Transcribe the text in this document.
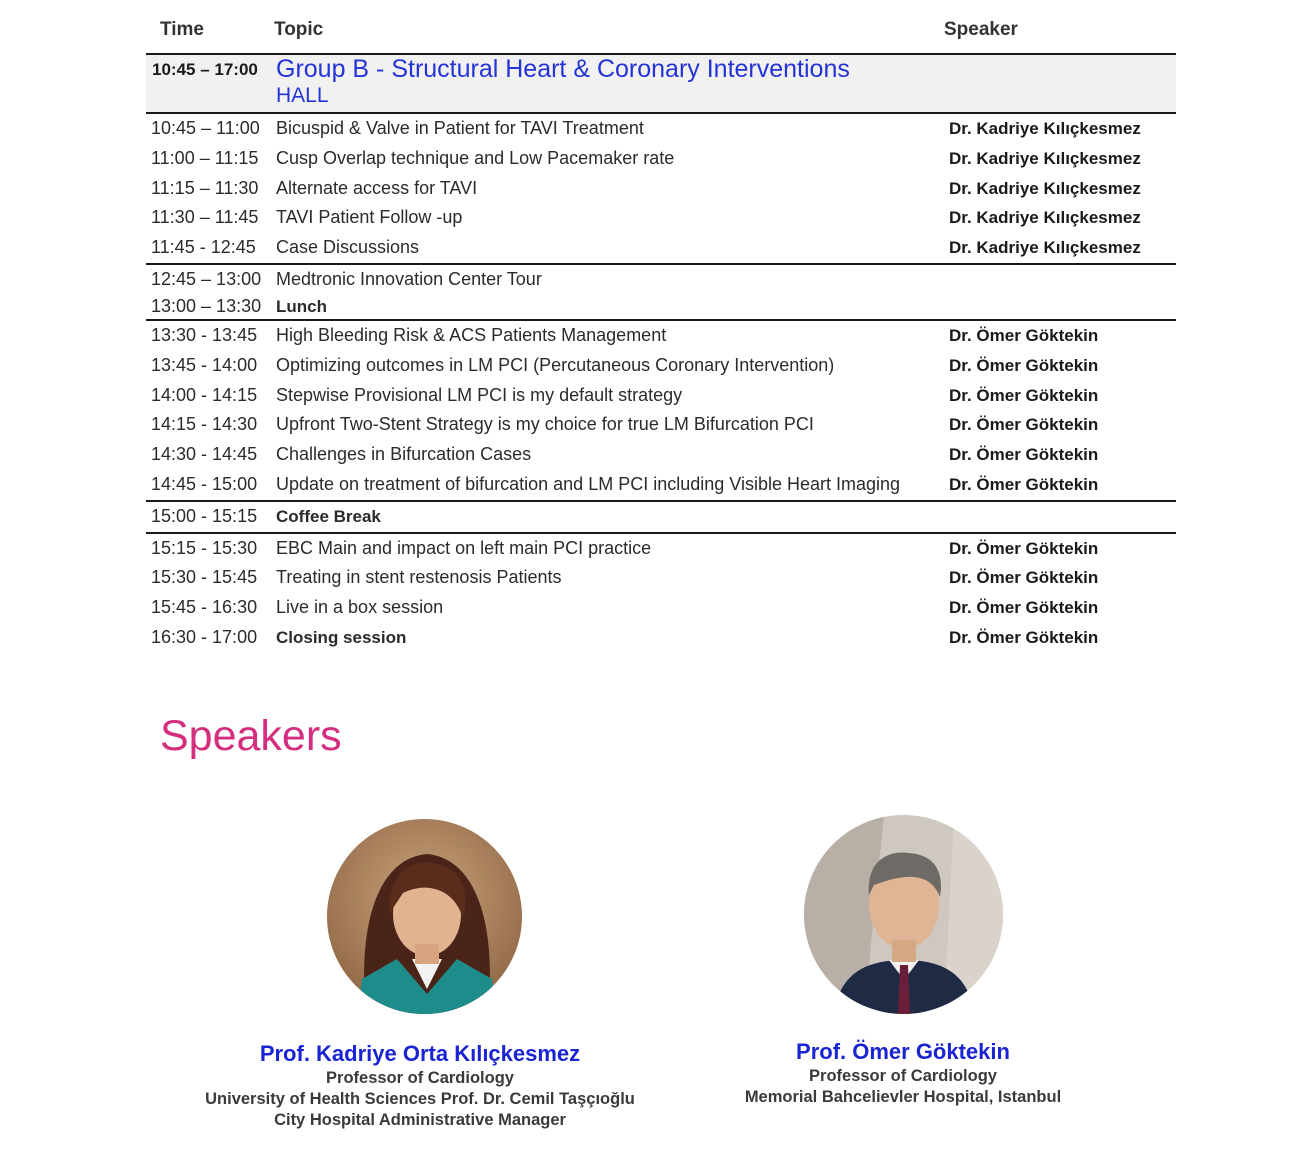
Time	Topic	Speaker
10:45 – 17:00 Group B - Structural Heart & Coronary Interventions
HALL
10:45 – 11:00 Bicuspid & Valve in Patient for TAVI Treatment	Dr. Kadriye Kılıçkesmez
11:00 – 11:15 Cusp Overlap technique and Low Pacemaker rate	Dr. Kadriye Kılıçkesmez
11:15 – 11:30 Alternate access for TAVI	Dr. Kadriye Kılıçkesmez
11:30 – 11:45 TAVI Patient Follow -up	Dr. Kadriye Kılıçkesmez
11:45 - 12:45 Case Discussions	Dr. Kadriye Kılıçkesmez
12:45 – 13:00 Medtronic Innovation Center Tour
13:00 – 13:30 Lunch
13:30 - 13:45 High Bleeding Risk & ACS Patients Management	Dr. Ömer Göktekin
13:45 - 14:00 Optimizing outcomes in LM PCI (Percutaneous Coronary Intervention)	Dr. Ömer Göktekin
14:00 - 14:15 Stepwise Provisional LM PCI is my default strategy	Dr. Ömer Göktekin
14:15 - 14:30 Upfront Two-Stent Strategy is my choice for true LM Bifurcation PCI	Dr. Ömer Göktekin
14:30 - 14:45 Challenges in Bifurcation Cases	Dr. Ömer Göktekin
14:45 - 15:00 Update on treatment of bifurcation and LM PCI including Visible Heart Imaging	Dr. Ömer Göktekin
15:00 - 15:15 Coffee Break
15:15 - 15:30 EBC Main and impact on left main PCI practice	Dr. Ömer Göktekin
15:30 - 15:45 Treating in stent restenosis Patients	Dr. Ömer Göktekin
15:45 - 16:30 Live in a box session	Dr. Ömer Göktekin
16:30 - 17:00 Closing session	Dr. Ömer Göktekin
Speakers
Prof. Kadriye Orta Kılıçkesmez
Professor of Cardiology
University of Health Sciences Prof. Dr. Cemil Taşçıoğlu
City Hospital Administrative Manager
Prof. Ömer Göktekin
Professor of Cardiology
Memorial Bahcelievler Hospital, Istanbul
